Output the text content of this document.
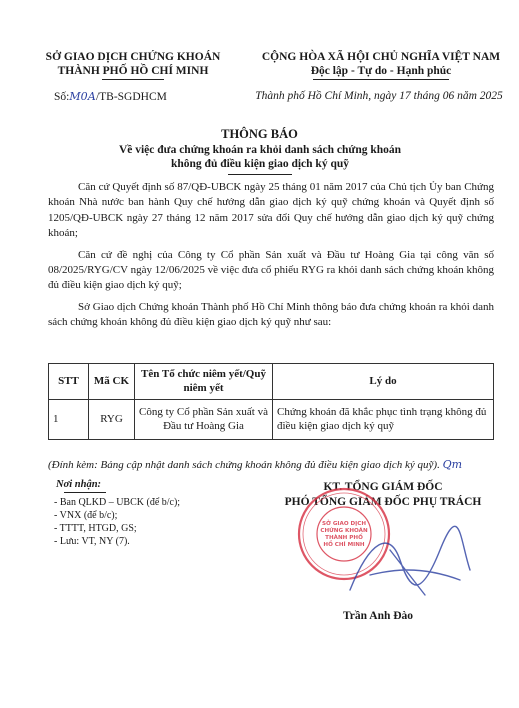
SỞ GIAO DỊCH CHỨNG KHOÁN
THÀNH PHỐ HỒ CHÍ MINH
CỘNG HÒA XÃ HỘI CHỦ NGHĨA VIỆT NAM
Độc lập - Tự do - Hạnh phúc
Số:М0А/TB-SGDHCM	Thành phố Hồ Chí Minh, ngày 17 tháng 06 năm 2025
THÔNG BÁO
Về việc đưa chứng khoán ra khỏi danh sách chứng khoán
không đủ điều kiện giao dịch ký quỹ

Căn cứ Quyết định số 87/QĐ-UBCK ngày 25 tháng 01 năm 2017 của Chủ tịch Ủy ban Chứng khoán Nhà nước ban hành Quy chế hướng dẫn giao dịch ký quỹ chứng khoán và Quyết định số 1205/QĐ-UBCK ngày 27 tháng 12 năm 2017 sửa đổi Quy chế hướng dẫn giao dịch ký quỹ chứng khoán;

Căn cứ đề nghị của Công ty Cổ phần Sản xuất và Đầu tư Hoàng Gia tại công văn số 08/2025/RYG/CV ngày 12/06/2025 về việc đưa cổ phiếu RYG ra khỏi danh sách chứng khoán không đủ điều kiện giao dịch ký quỹ;

Sở Giao dịch Chứng khoán Thành phố Hồ Chí Minh thông báo đưa chứng khoán ra khỏi danh sách chứng khoán không đủ điều kiện giao dịch ký quỹ như sau:

STT	Mã CK	Tên Tổ chức niêm yết/Quỹ niêm yết	Lý do
1	RYG	Công ty Cổ phần Sản xuất và Đầu tư Hoàng Gia	Chứng khoán đã khắc phục tình trạng không đủ điều kiện giao dịch ký quỹ
(Đính kèm: Bảng cập nhật danh sách chứng khoán không đủ điều kiện giao dịch ký quỹ). Qm
Nơi nhận:
- Ban QLKD – UBCK (để b/c);
- VNX (để b/c);
- TTTT, HTGD, GS;
- Lưu: VT, NY (7).
KT. TỔNG GIÁM ĐỐC
PHÓ TỔNG GIÁM ĐỐC PHỤ TRÁCH
SỞ GIAO DỊCH
CHỨNG KHOÁN
THÀNH PHỐ
HỒ CHÍ MINH
Trần Anh Đào
